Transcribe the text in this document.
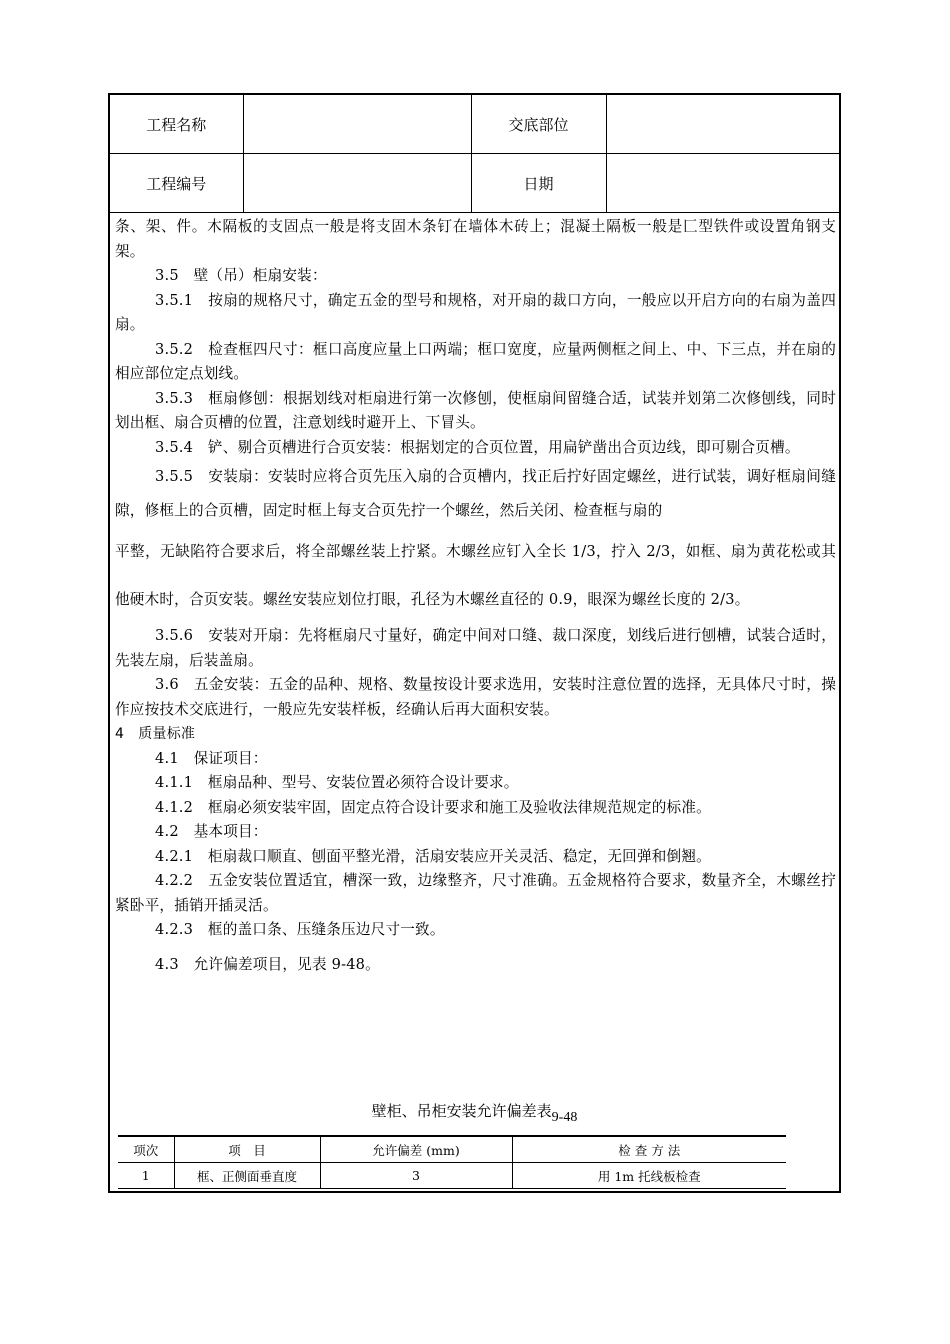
工程名称		交底部位	
工程编号		日期	

条、架、件。木隔板的支固点一般是将支固木条钉在墙体木砖上；混凝土隔板一般是匚型铁件或设置角钢支架。

3.5　壁（吊）柜扇安装：

3.5.1　按扇的规格尺寸，确定五金的型号和规格，对开扇的裁口方向，一般应以开启方向的右扇为盖四扇。

3.5.2　检查框四尺寸：框口高度应量上口两端；框口宽度，应量两侧框之间上、中、下三点，并在扇的相应部位定点划线。

3.5.3　框扇修刨：根据划线对柜扇进行第一次修刨，使框扇间留缝合适，试装并划第二次修刨线，同时划出框、扇合页槽的位置，注意划线时避开上、下冒头。

3.5.4　铲、剔合页槽进行合页安装：根据划定的合页位置，用扁铲凿出合页边线，即可剔合页槽。

3.5.5　安装扇：安装时应将合页先压入扇的合页槽内，找正后拧好固定螺丝，进行试装，调好框扇间缝隙，修框上的合页槽，固定时框上每支合页先拧一个螺丝，然后关闭、检查框与扇的

平整，无缺陷符合要求后，将全部螺丝装上拧紧。木螺丝应钉入全长 1/3，拧入 2/3，如框、扇为黄花松或其他硬木时，合页安装。螺丝安装应划位打眼，孔径为木螺丝直径的 0.9，眼深为螺丝长度的 2/3。

3.5.6　安装对开扇：先将框扇尺寸量好，确定中间对口缝、裁口深度，划线后进行刨槽，试装合适时，先装左扇，后装盖扇。

3.6　五金安装：五金的品种、规格、数量按设计要求选用，安装时注意位置的选择，无具体尺寸时，操作应按技术交底进行，一般应先安装样板，经确认后再大面积安装。

4　质量标准

4.1　保证项目：

4.1.1　框扇品种、型号、安装位置必须符合设计要求。

4.1.2　框扇必须安装牢固，固定点符合设计要求和施工及验收法律规范规定的标准。

4.2　基本项目：

4.2.1　柜扇裁口顺直、刨面平整光滑，活扇安装应开关灵活、稳定，无回弹和倒翘。

4.2.2　五金安装位置适宜，槽深一致，边缘整齐，尺寸准确。五金规格符合要求，数量齐全，木螺丝拧紧卧平，插销开插灵活。

4.2.3　框的盖口条、压缝条压边尺寸一致。

4.3　允许偏差项目，见表 9-48。

壁柜、吊柜安装允许偏差表9-48
项次	项　目	允许偏差 (mm)	检 查 方 法
1	框、正侧面垂直度	3	用 1m 托线板检查
